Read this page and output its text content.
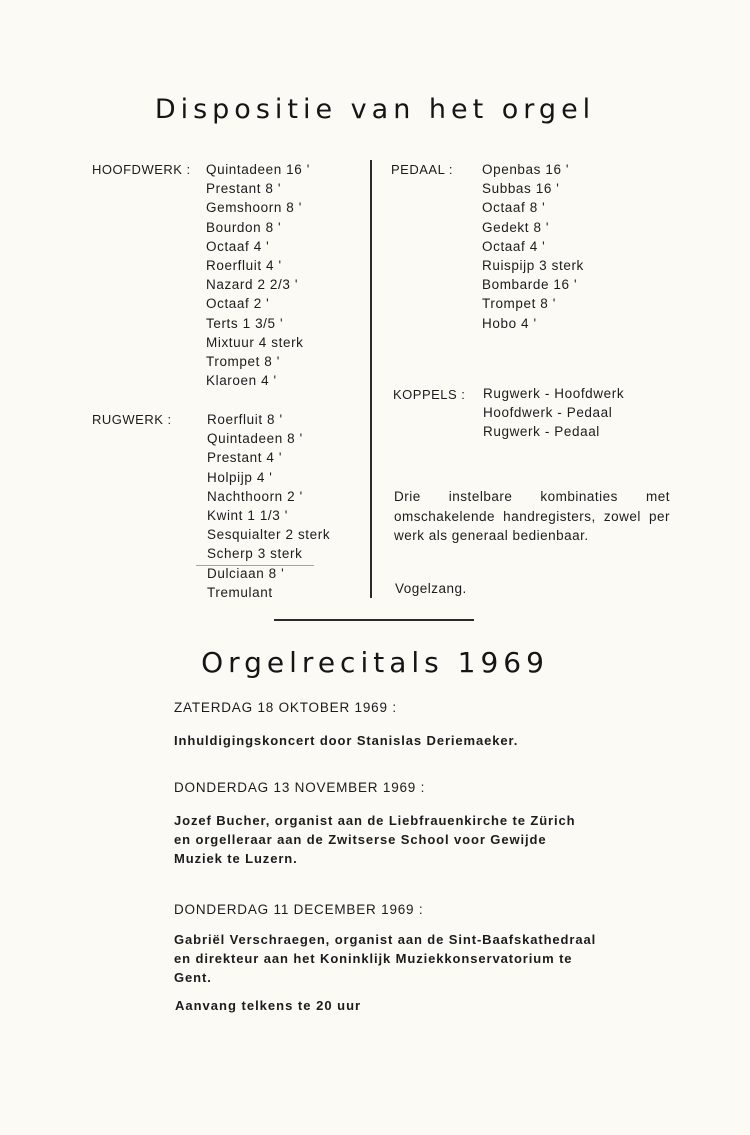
Dispositie van het orgel
HOOFDWERK : Quintadeen 16 '
Prestant 8 '
Gemshoorn 8 '
Bourdon 8 '
Octaaf 4 '
Roerfluit 4 '
Nazard 2 2/3 '
Octaaf 2 '
Terts 1 3/5 '
Mixtuur 4 sterk
Trompet 8 '
Klaroen 4 '
RUGWERK :	Roerfluit 8 '
Quintadeen 8 '
Prestant 4 '
Holpijp 4 '
Nachthoorn 2 '
Kwint 1 1/3 '
Sesquialter 2 sterk
Scherp 3 sterk
Dulciaan 8 '
Tremulant
PEDAAL : Openbas 16 '
Subbas 16 '
Octaaf 8 '
Gedekt 8 '
Octaaf 4 '
Ruispijp 3 sterk
Bombarde 16 '
Trompet 8 '
Hobo 4 '
KOPPELS : Rugwerk - Hoofdwerk
Hoofdwerk - Pedaal
Rugwerk - Pedaal

Drie instelbare kombinaties met omschakelende handregisters, zowel per werk als generaal bedienbaar.

Vogelzang.
Orgelrecitals 1969
ZATERDAG 18 OKTOBER 1969 :

Inhuldigingskoncert door Stanislas Deriemaeker.

DONDERDAG 13 NOVEMBER 1969 :

Jozef Bucher, organist aan de Liebfrauenkirche te Zürich en orgelleraar aan de Zwitserse School voor Gewijde Muziek te Luzern.

DONDERDAG 11 DECEMBER 1969 :

Gabriël Verschraegen, organist aan de Sint-Baafskathedraal en direkteur aan het Koninklijk Muziekkonservatorium te Gent.

Aanvang telkens te 20 uur
